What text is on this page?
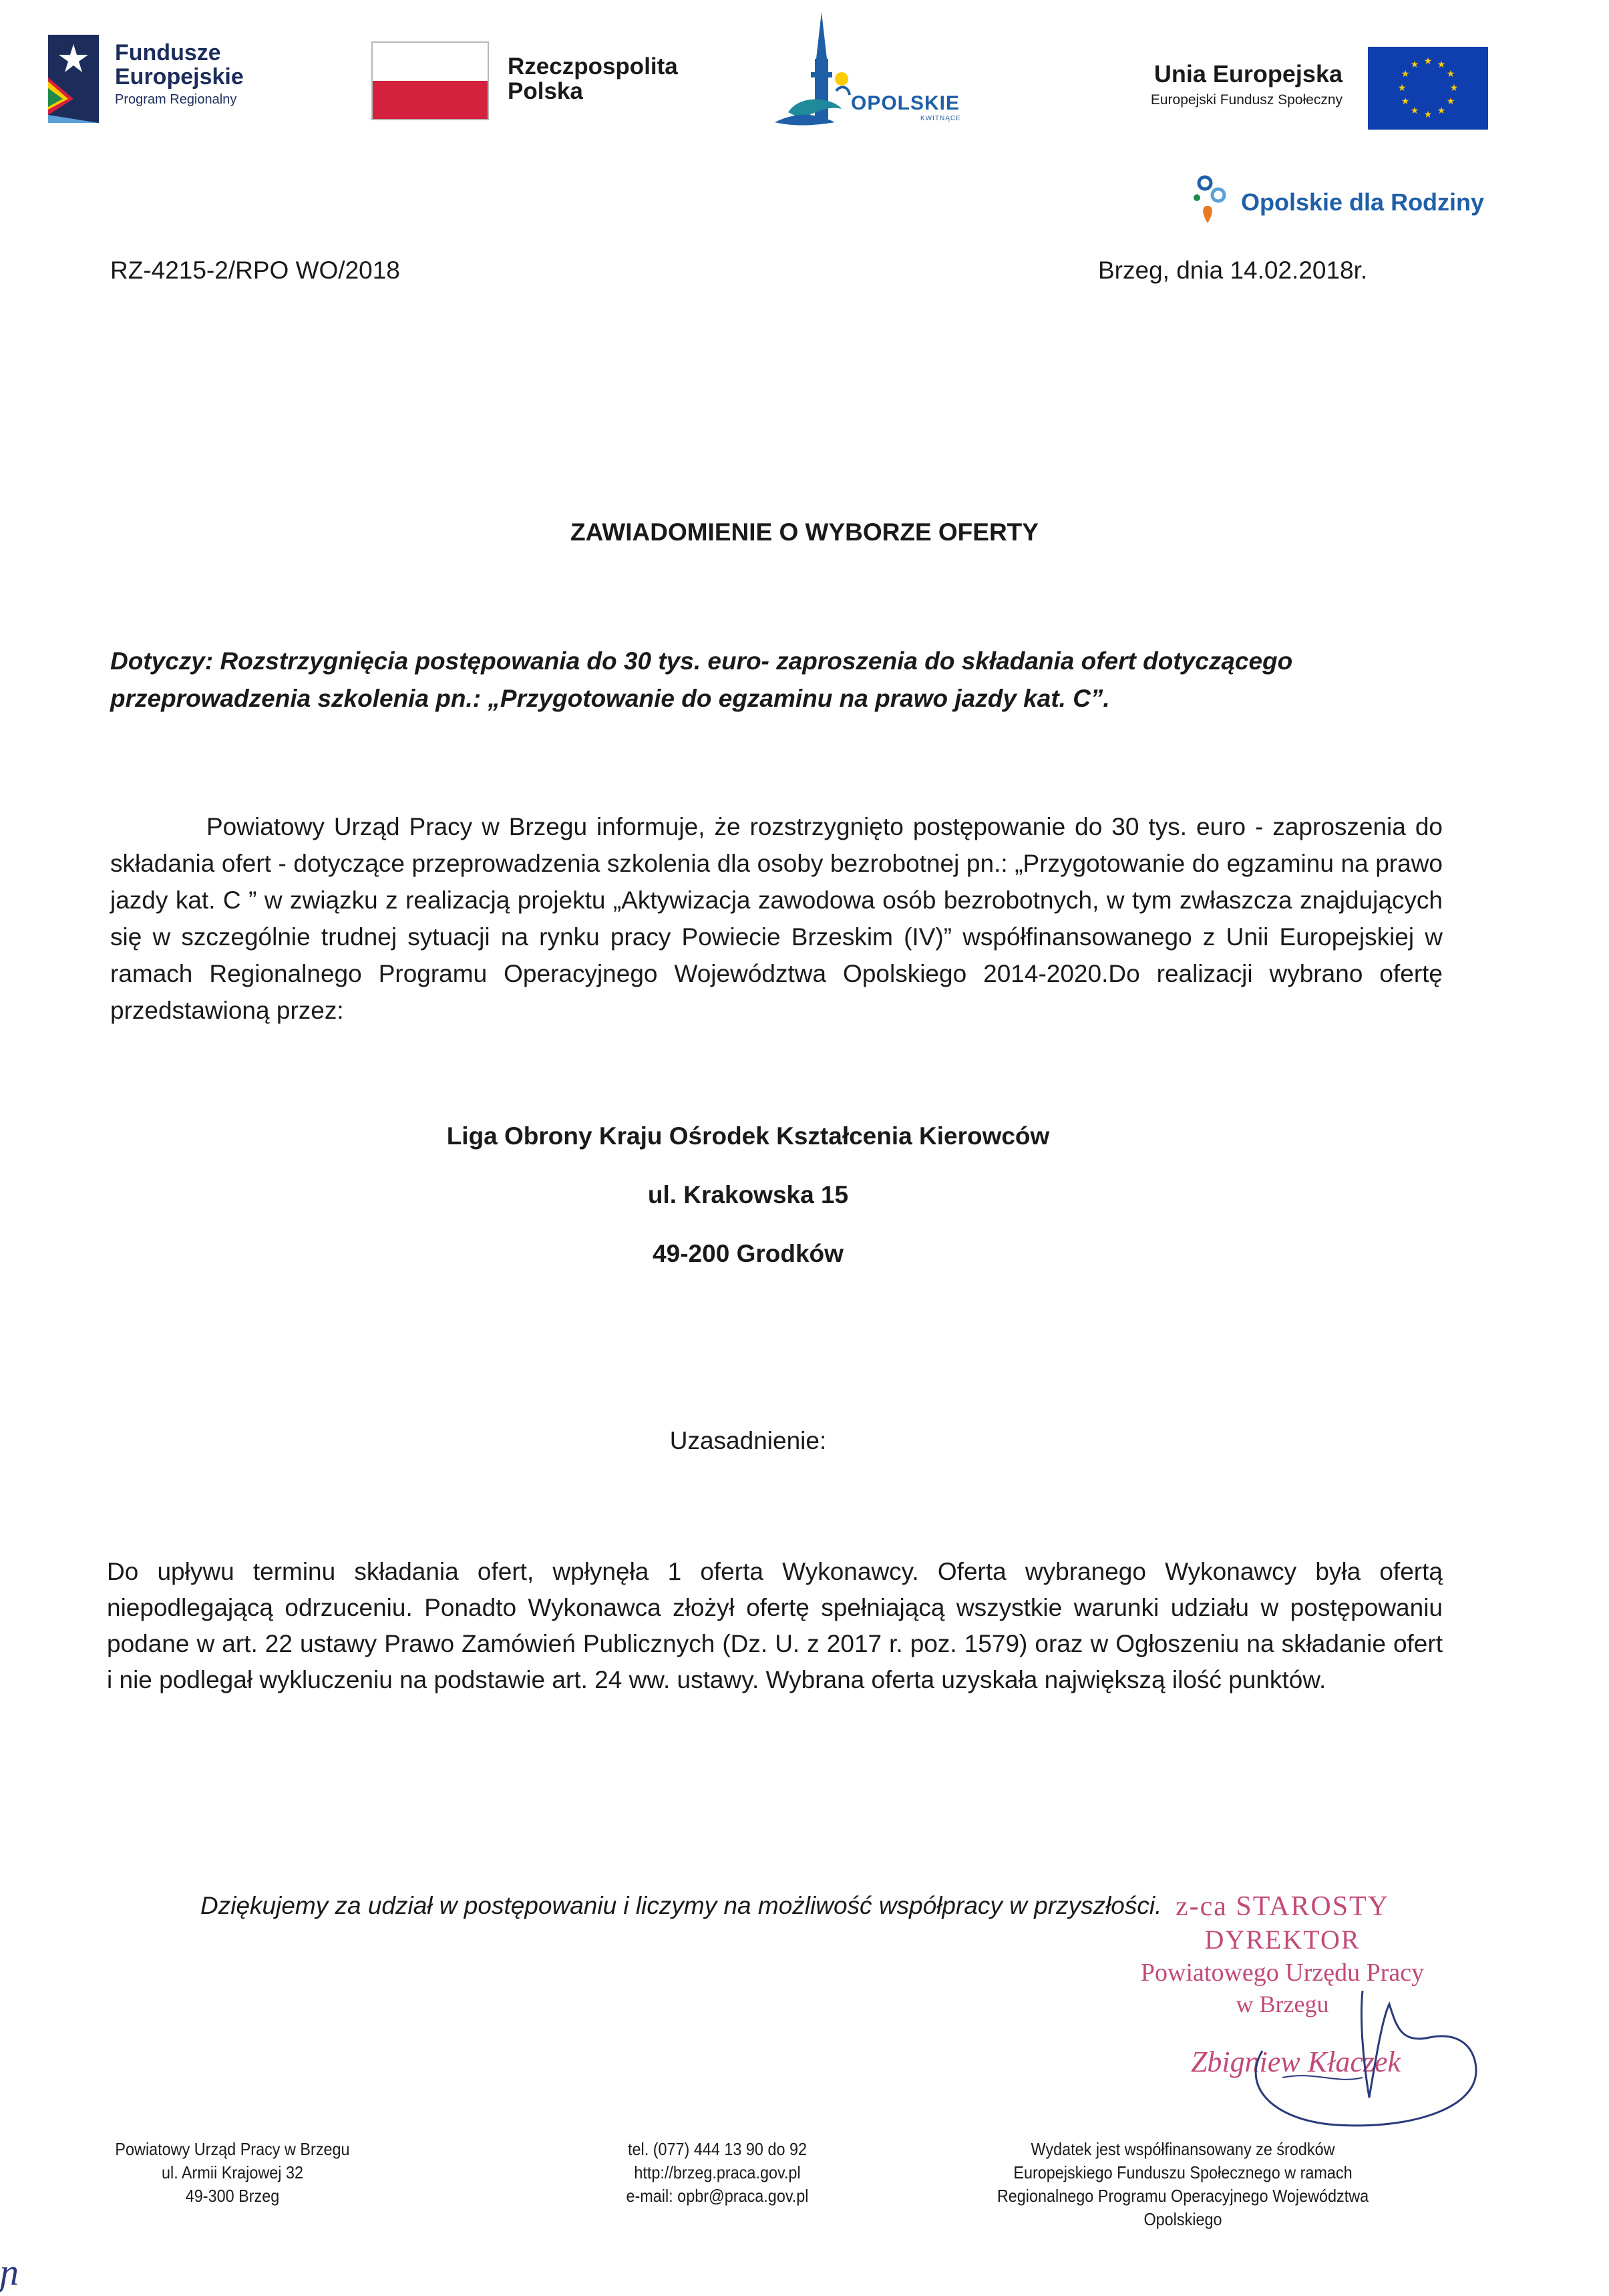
Fundusze
Europejskie
Program Regionalny
Rzeczpospolita
Polska	OPOLSKIE
KWITNĄCE
Unia Europejska
Europejski Fundusz Społeczny
★ ★
★
★
★
★
★
★
★
★
★
★
Opolskie dla Rodziny
RZ-4215-2/RPO WO/2018	Brzeg, dnia 14.02.2018r.
ZAWIADOMIENIE O WYBORZE OFERTY
Dotyczy: Rozstrzygnięcia postępowania do 30 tys. euro- zaproszenia do składania ofert dotyczącego przeprowadzenia szkolenia pn.: „Przygotowanie do egzaminu na prawo jazdy kat. C”.
Powiatowy Urząd Pracy w Brzegu informuje, że rozstrzygnięto postępowanie do 30 tys. euro - zaproszenia do składania ofert - dotyczące przeprowadzenia szkolenia dla osoby bezrobotnej pn.: „Przygotowanie do egzaminu na prawo jazdy kat. C ” w związku z realizacją projektu „Aktywizacja zawodowa osób bezrobotnych, w tym zwłaszcza znajdujących się w szczególnie trudnej sytuacji na rynku pracy Powiecie Brzeskim (IV)” współfinansowanego z Unii Europejskiej w ramach Regionalnego Programu Operacyjnego Województwa Opolskiego 2014-2020.Do realizacji wybrano ofertę przedstawioną przez:
Liga Obrony Kraju Ośrodek Kształcenia Kierowców
ul. Krakowska 15
49-200 Grodków
Uzasadnienie:
Do upływu terminu składania ofert, wpłynęła 1 oferta Wykonawcy. Oferta wybranego Wykonawcy była ofertą niepodlegającą odrzuceniu. Ponadto Wykonawca złożył ofertę spełniającą wszystkie warunki udziału w postępowaniu podane w art. 22 ustawy Prawo Zamówień Publicznych (Dz. U. z 2017 r. poz. 1579) oraz w Ogłoszeniu na składanie ofert i nie podlegał wykluczeniu na podstawie art. 24 ww. ustawy. Wybrana oferta uzyskała największą ilość punktów.
Dziękujemy za udział w postępowaniu i liczymy na możliwość współpracy w przyszłości. z-ca STAROSTY
DYREKTOR
Powiatowego Urzędu Pracy
w Brzegu
Zbigniew Kłaczek
Powiatowy Urząd Pracy w Brzegu
ul. Armii Krajowej 32
49-300 Brzeg
tel. (077) 444 13 90 do 92
http://brzeg.praca.gov.pl
e-mail: opbr@praca.gov.pl
Wydatek jest współfinansowany ze środków
Europejskiego Funduszu Społecznego w ramach
Regionalnego Programu Operacyjnego Województwa
Opolskiego
ɲ
